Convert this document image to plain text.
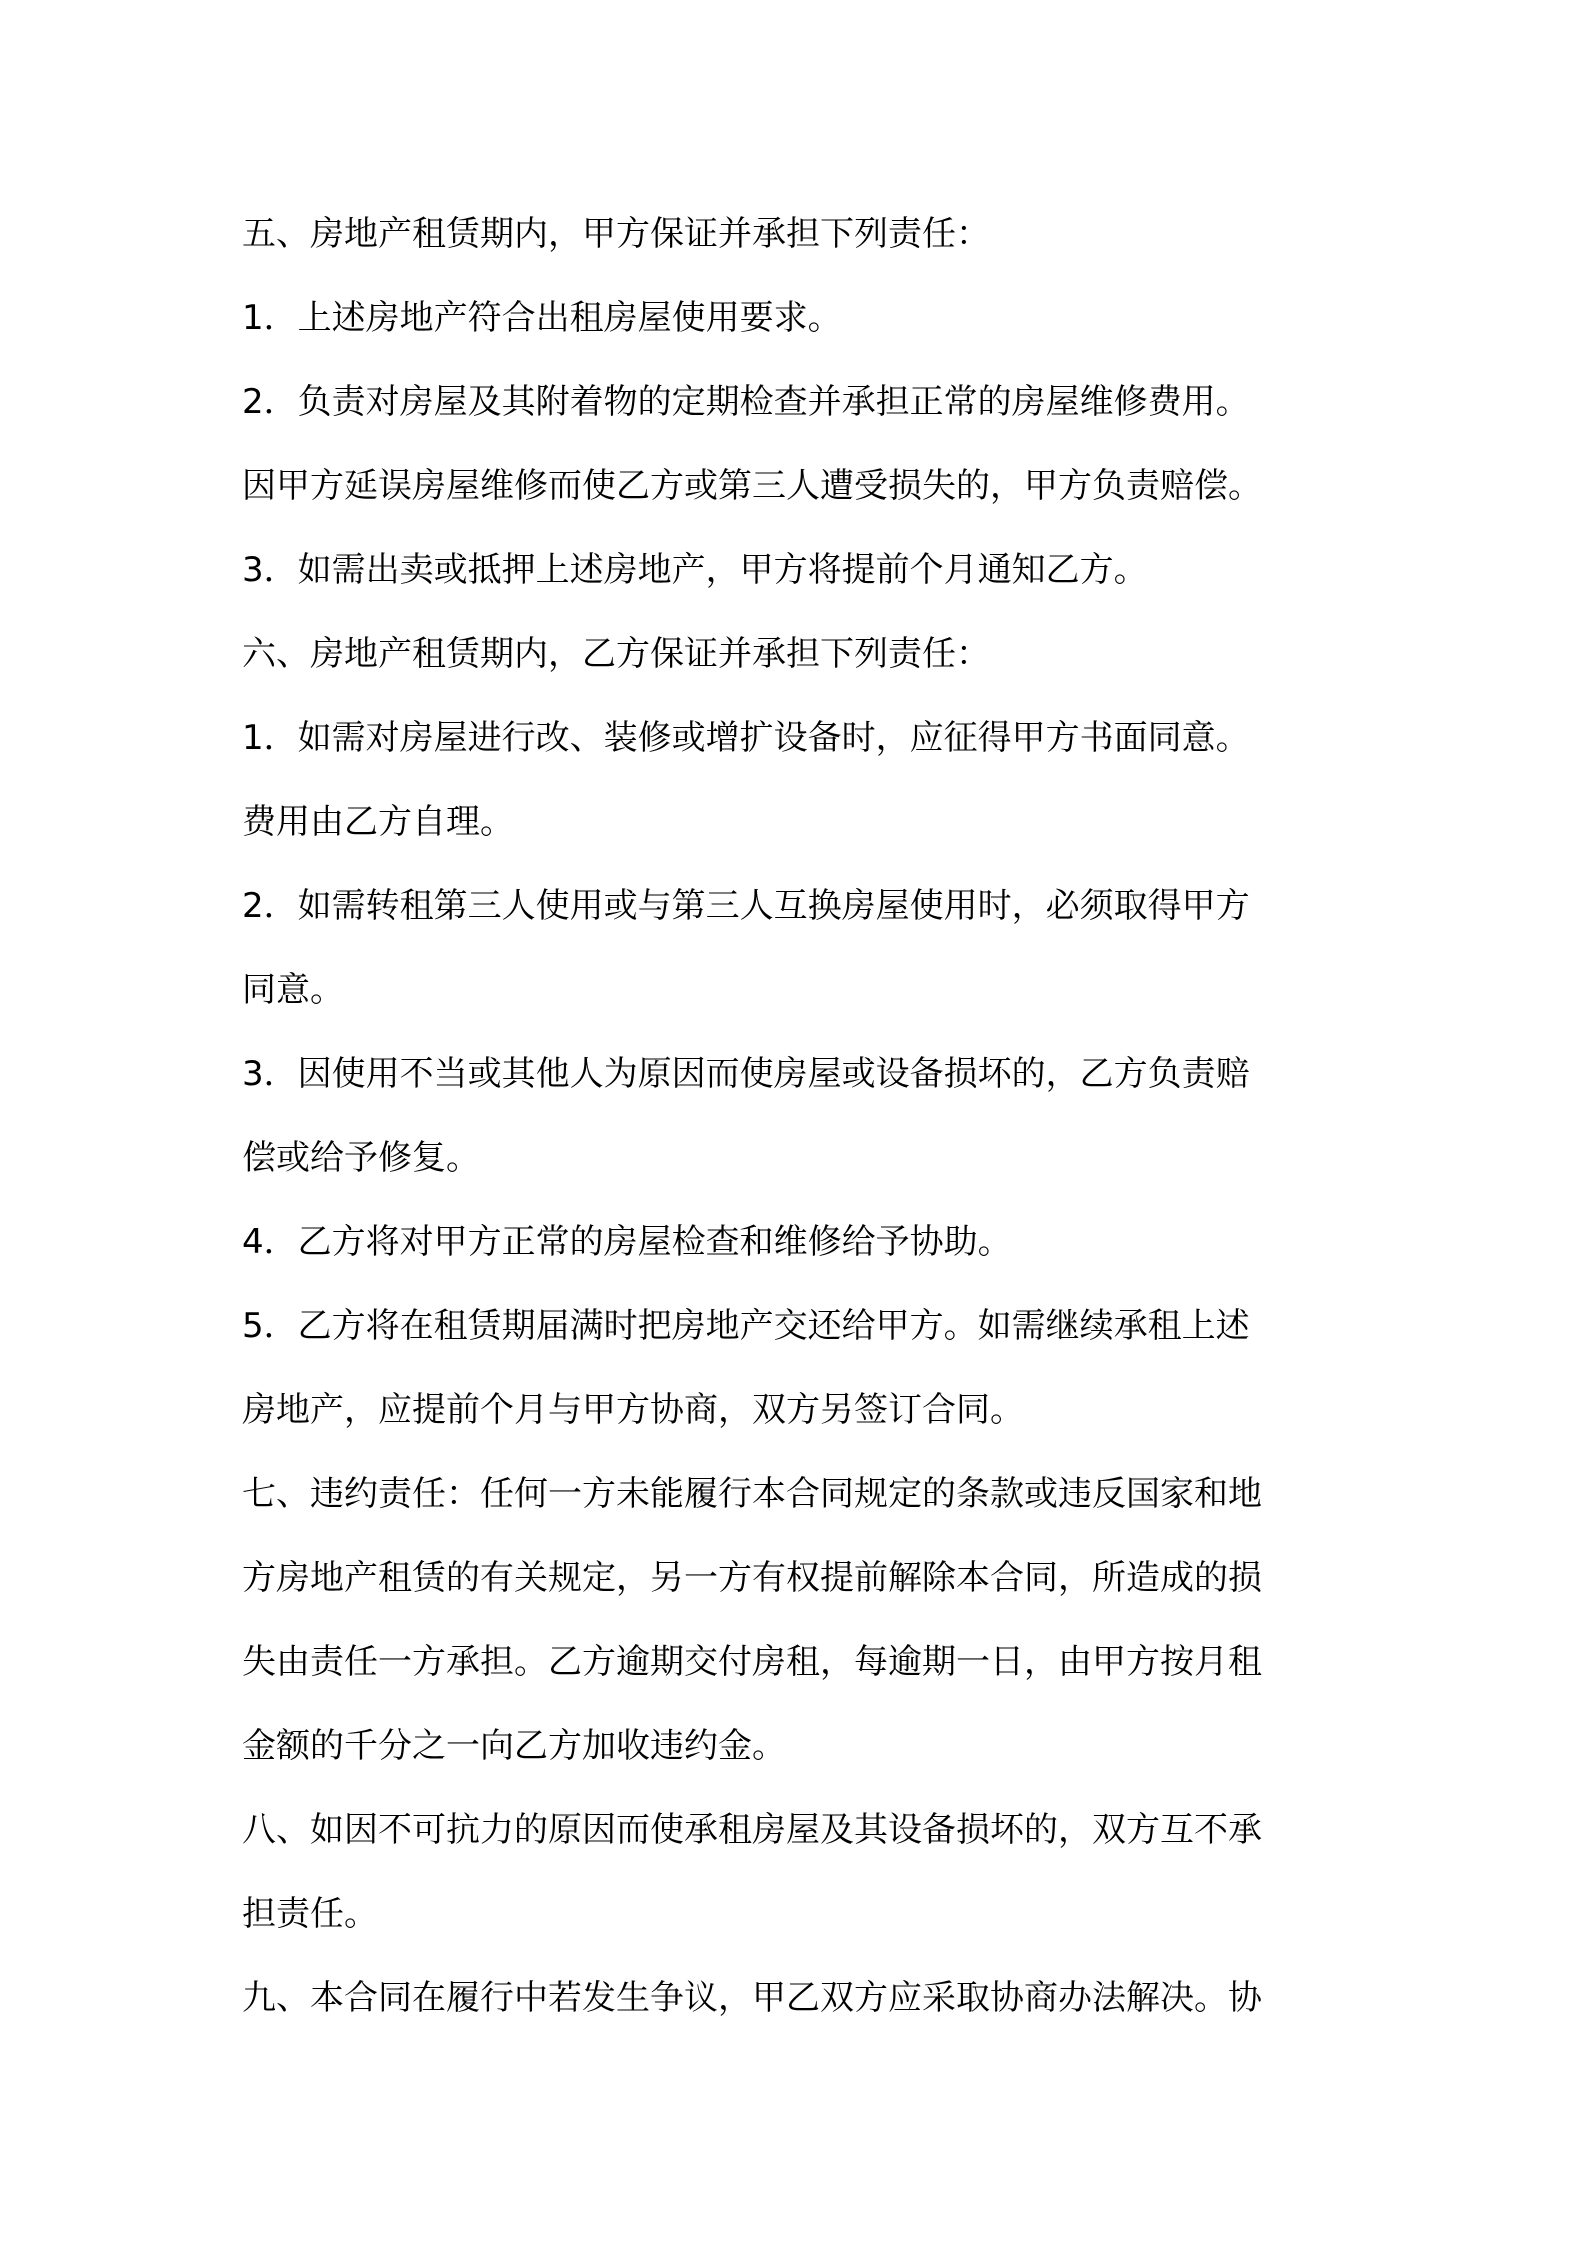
五、房地产租赁期内，甲方保证并承担下列责任：
1．上述房地产符合出租房屋使用要求。
2．负责对房屋及其附着物的定期检查并承担正常的房屋维修费用。
因甲方延误房屋维修而使乙方或第三人遭受损失的，甲方负责赔偿。
3．如需出卖或抵押上述房地产，甲方将提前个月通知乙方。
六、房地产租赁期内，乙方保证并承担下列责任：
1．如需对房屋进行改、装修或增扩设备时，应征得甲方书面同意。
费用由乙方自理。
2．如需转租第三人使用或与第三人互换房屋使用时，必须取得甲方
同意。
3．因使用不当或其他人为原因而使房屋或设备损坏的，乙方负责赔
偿或给予修复。
4．乙方将对甲方正常的房屋检查和维修给予协助。
5．乙方将在租赁期届满时把房地产交还给甲方。如需继续承租上述
房地产，应提前个月与甲方协商，双方另签订合同。
七、违约责任：任何一方未能履行本合同规定的条款或违反国家和地
方房地产租赁的有关规定，另一方有权提前解除本合同，所造成的损
失由责任一方承担。乙方逾期交付房租，每逾期一日，由甲方按月租
金额的千分之一向乙方加收违约金。
八、如因不可抗力的原因而使承租房屋及其设备损坏的，双方互不承
担责任。
九、本合同在履行中若发生争议，甲乙双方应采取协商办法解决。协
